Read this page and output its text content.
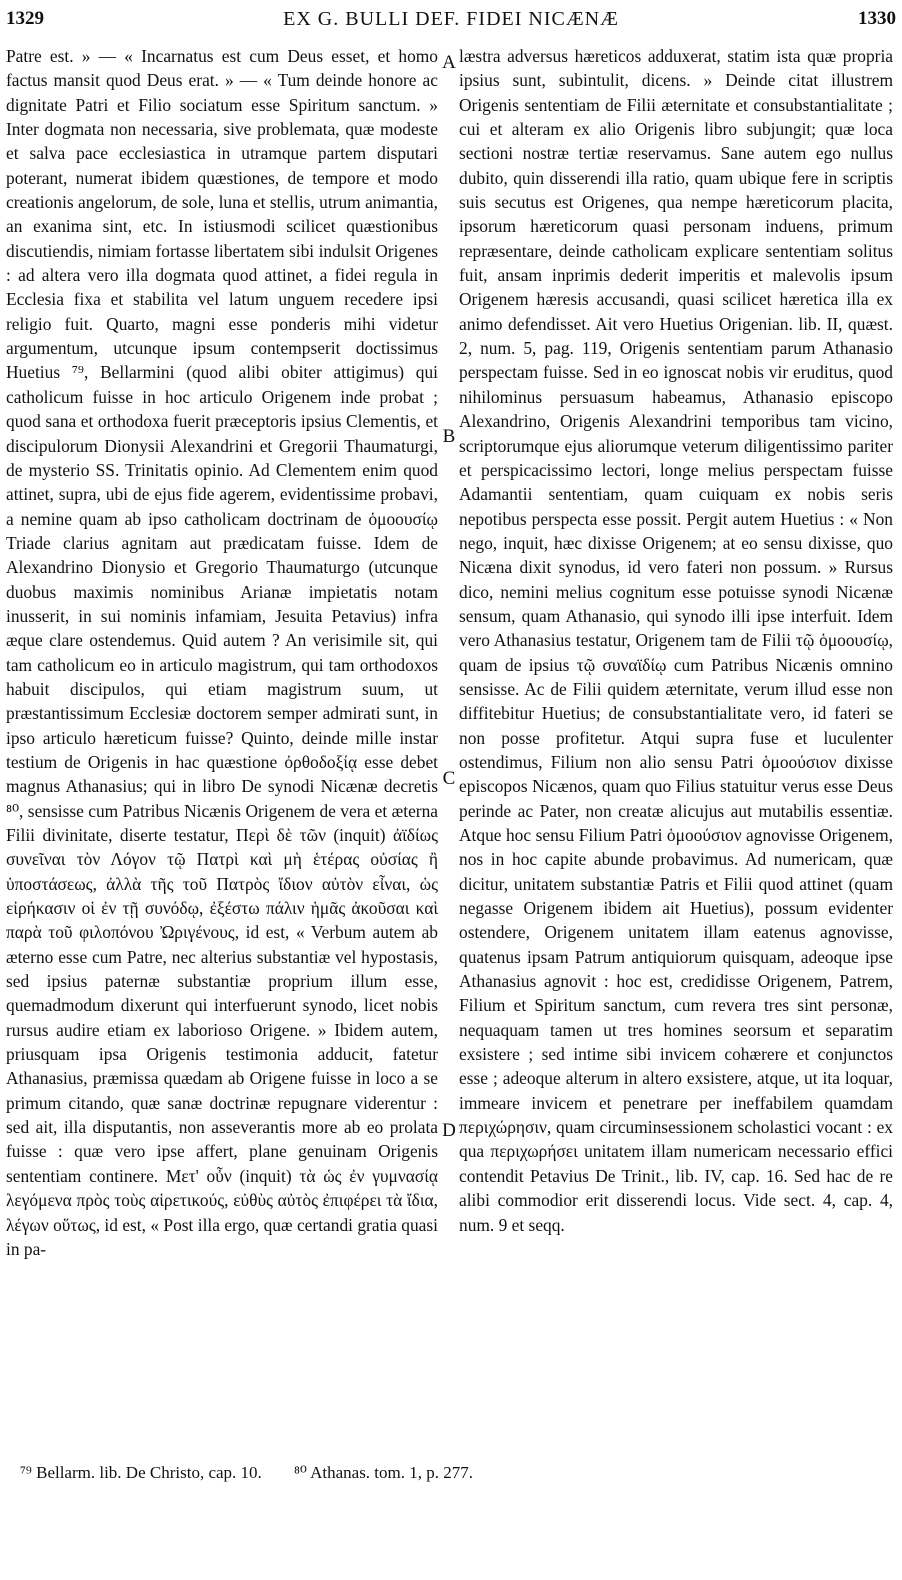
1329	EX G. BULLI DEF. FIDEI NICÆNÆ	1330

Patre est. » — « Incarnatus est cum Deus esset, et homo factus mansit quod Deus erat. » — « Tum deinde honore ac dignitate Patri et Filio sociatum esse Spiritum sanctum. » Inter dogmata non necessaria, sive problemata, quæ modeste et salva pace ecclesiastica in utramque partem disputari poterant, numerat ibidem quæstiones, de tempore et modo creationis angelorum, de sole, luna et stellis, utrum animantia, an exanima sint, etc. In istiusmodi scilicet quæstionibus discutiendis, nimiam fortasse libertatem sibi indulsit Origenes : ad altera vero illa dogmata quod attinet, a fidei regula in Ecclesia fixa et stabilita vel latum unguem recedere ipsi religio fuit. Quarto, magni esse ponderis mihi videtur argumentum, utcunque ipsum contempserit doctissimus Huetius ⁷⁹, Bellarmini (quod alibi obiter attigimus) qui catholicum fuisse in hoc articulo Origenem inde probat ; quod sana et orthodoxa fuerit præceptoris ipsius Clementis, et discipulorum Dionysii Alexandrini et Gregorii Thaumaturgi, de mysterio SS. Trinitatis opinio. Ad Clementem enim quod attinet, supra, ubi de ejus fide agerem, evidentissime probavi, a nemine quam ab ipso catholicam doctrinam de ὁμοουσίῳ Triade clarius agnitam aut prædicatam fuisse. Idem de Alexandrino Dionysio et Gregorio Thaumaturgo (utcunque duobus maximis nominibus Arianæ impietatis notam inusserit, in sui nominis infamiam, Jesuita Petavius) infra æque clare ostendemus. Quid autem ? An verisimile sit, qui tam catholicum eo in articulo magistrum, qui tam orthodoxos habuit discipulos, qui etiam magistrum suum, ut præstantissimum Ecclesiæ doctorem semper admirati sunt, in ipso articulo hæreticum fuisse? Quinto, deinde mille instar testium de Origenis in hac quæstione ὀρθοδοξίᾳ esse debet magnus Athanasius; qui in libro De synodi Nicænæ decretis ⁸⁰, sensisse cum Patribus Nicænis Origenem de vera et æterna Filii divinitate, diserte testatur, Περὶ δὲ τῶν (inquit) ἀϊδίως συνεῖναι τὸν Λόγον τῷ Πατρὶ καὶ μὴ ἑτέρας οὐσίας ἢ ὑποστάσεως, ἀλλὰ τῆς τοῦ Πατρὸς ἴδιον αὐτὸν εἶναι, ὡς εἰρήκασιν οἱ ἐν τῇ συνόδῳ, ἐξέστω πάλιν ἡμᾶς ἀκοῦσαι καὶ παρὰ τοῦ φιλοπόνου Ὠριγένους, id est, « Verbum autem ab æterno esse cum Patre, nec alterius substantiæ vel hypostasis, sed ipsius paternæ substantiæ proprium illum esse, quemadmodum dixerunt qui interfuerunt synodo, licet nobis rursus audire etiam ex laborioso Origene. » Ibidem autem, priusquam ipsa Origenis testimonia adducit, fatetur Athanasius, præmissa quædam ab Origene fuisse in loco a se primum citando, quæ sanæ doctrinæ repugnare viderentur : sed ait, illa disputantis, non asseverantis more ab eo prolata fuisse : quæ vero ipse affert, plane genuinam Origenis sententiam continere. Μετ' οὖν (inquit) τὰ ὡς ἐν γυμνασίᾳ λεγόμενα πρὸς τοὺς αἱρετικούς, εὐθὺς αὐτὸς ἐπιφέρει τὰ ἴδια, λέγων οὕτως, id est, « Post illa ergo, quæ certandi gratia quasi in pa-

A
B
C
D

læstra adversus hæreticos adduxerat, statim ista quæ propria ipsius sunt, subintulit, dicens. » Deinde citat illustrem Origenis sententiam de Filii æternitate et consubstantialitate ; cui et alteram ex alio Origenis libro subjungit; quæ loca sectioni nostræ tertiæ reservamus. Sane autem ego nullus dubito, quin disserendi illa ratio, quam ubique fere in scriptis suis secutus est Origenes, qua nempe hæreticorum placita, ipsorum hæreticorum quasi personam induens, primum repræsentare, deinde catholicam explicare sententiam solitus fuit, ansam inprimis dederit imperitis et malevolis ipsum Origenem hæresis accusandi, quasi scilicet hæretica illa ex animo defendisset. Ait vero Huetius Origenian. lib. II, quæst. 2, num. 5, pag. 119, Origenis sententiam parum Athanasio perspectam fuisse. Sed in eo ignoscat nobis vir eruditus, quod nihilominus persuasum habeamus, Athanasio episcopo Alexandrino, Origenis Alexandrini temporibus tam vicino, scriptorumque ejus aliorumque veterum diligentissimo pariter et perspicacissimo lectori, longe melius perspectam fuisse Adamantii sententiam, quam cuiquam ex nobis seris nepotibus perspecta esse possit. Pergit autem Huetius : « Non nego, inquit, hæc dixisse Origenem; at eo sensu dixisse, quo Nicæna dixit synodus, id vero fateri non possum. » Rursus dico, nemini melius cognitum esse potuisse synodi Nicænæ sensum, quam Athanasio, qui synodo illi ipse interfuit. Idem vero Athanasius testatur, Origenem tam de Filii τῷ ὁμοουσίῳ, quam de ipsius τῷ συναϊδίῳ cum Patribus Nicænis omnino sensisse. Ac de Filii quidem æternitate, verum illud esse non diffitebitur Huetius; de consubstantialitate vero, id fateri se non posse profitetur. Atqui supra fuse et luculenter ostendimus, Filium non alio sensu Patri ὁμοούσιον dixisse episcopos Nicænos, quam quo Filius statuitur verus esse Deus perinde ac Pater, non creatæ alicujus aut mutabilis essentiæ. Atque hoc sensu Filium Patri ὁμοούσιον agnovisse Origenem, nos in hoc capite abunde probavimus. Ad numericam, quæ dicitur, unitatem substantiæ Patris et Filii quod attinet (quam negasse Origenem ibidem ait Huetius), possum evidenter ostendere, Origenem unitatem illam eatenus agnovisse, quatenus ipsam Patrum antiquiorum quisquam, adeoque ipse Athanasius agnovit : hoc est, credidisse Origenem, Patrem, Filium et Spiritum sanctum, cum revera tres sint personæ, nequaquam tamen ut tres homines seorsum et separatim exsistere ; sed intime sibi invicem cohærere et conjunctos esse ; adeoque alterum in altero exsistere, atque, ut ita loquar, immeare invicem et penetrare per ineffabilem quamdam περιχώρησιν, quam circuminsessionem scholastici vocant : ex qua περιχωρήσει unitatem illam numericam necessario effici contendit Petavius De Trinit., lib. IV, cap. 16. Sed hac de re alibi commodior erit disserendi locus. Vide sect. 4, cap. 4, num. 9 et seqq.

⁷⁹ Bellarm. lib. De Christo, cap. 10. ⁸⁰ Athanas. tom. 1, p. 277.
